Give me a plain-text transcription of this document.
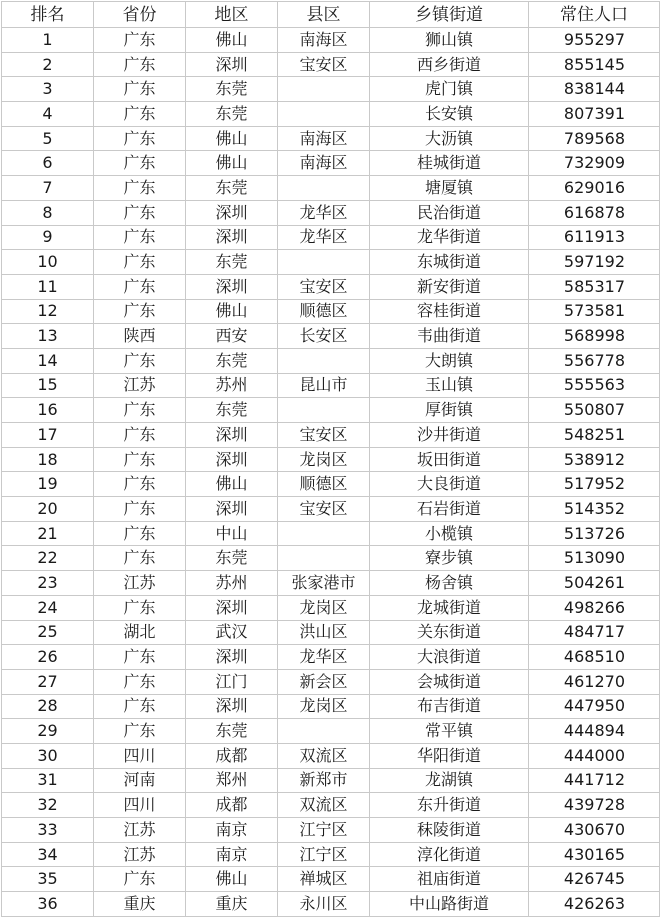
排名	省份	地区	县区	乡镇街道	常住人口
1	广东	佛山	南海区	狮山镇	955297
2	广东	深圳	宝安区	西乡街道	855145
3	广东	东莞		虎门镇	838144
4	广东	东莞		长安镇	807391
5	广东	佛山	南海区	大沥镇	789568
6	广东	佛山	南海区	桂城街道	732909
7	广东	东莞		塘厦镇	629016
8	广东	深圳	龙华区	民治街道	616878
9	广东	深圳	龙华区	龙华街道	611913
10	广东	东莞		东城街道	597192
11	广东	深圳	宝安区	新安街道	585317
12	广东	佛山	顺德区	容桂街道	573581
13	陕西	西安	长安区	韦曲街道	568998
14	广东	东莞		大朗镇	556778
15	江苏	苏州	昆山市	玉山镇	555563
16	广东	东莞		厚街镇	550807
17	广东	深圳	宝安区	沙井街道	548251
18	广东	深圳	龙岗区	坂田街道	538912
19	广东	佛山	顺德区	大良街道	517952
20	广东	深圳	宝安区	石岩街道	514352
21	广东	中山		小榄镇	513726
22	广东	东莞		寮步镇	513090
23	江苏	苏州	张家港市	杨舍镇	504261
24	广东	深圳	龙岗区	龙城街道	498266
25	湖北	武汉	洪山区	关东街道	484717
26	广东	深圳	龙华区	大浪街道	468510
27	广东	江门	新会区	会城街道	461270
28	广东	深圳	龙岗区	布吉街道	447950
29	广东	东莞		常平镇	444894
30	四川	成都	双流区	华阳街道	444000
31	河南	郑州	新郑市	龙湖镇	441712
32	四川	成都	双流区	东升街道	439728
33	江苏	南京	江宁区	秣陵街道	430670
34	江苏	南京	江宁区	淳化街道	430165
35	广东	佛山	禅城区	祖庙街道	426745
36	重庆	重庆	永川区	中山路街道	426263
